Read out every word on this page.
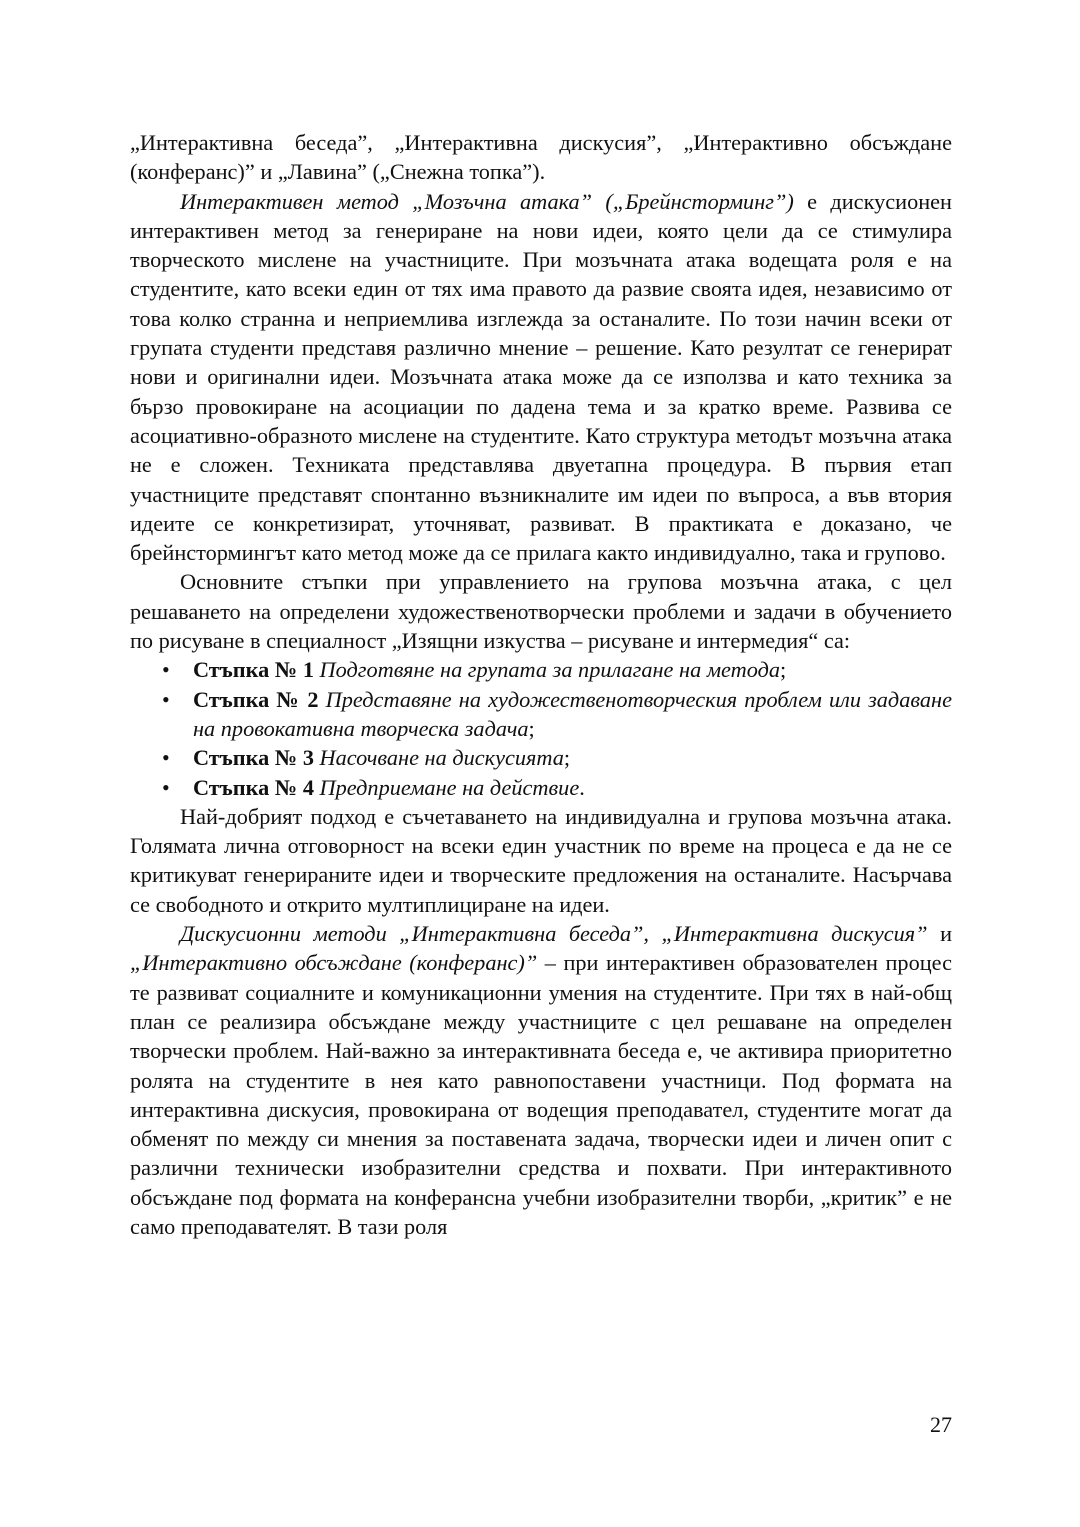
„Интерактивна беседа”, „Интерактивна дискусия”, „Интерактивно обсъждане (конферанс)” и „Лавина” („Снежна топка”).

Интерактивен метод „Мозъчна атака” („Брейнсторминг”) е дискусионен интерактивен метод за генериране на нови идеи, която цели да се стимулира творческото мислене на участниците. При мозъчната атака водещата роля е на студентите, като всеки един от тях има правото да развие своята идея, независимо от това колко странна и неприемлива изглежда за останалите. По този начин всеки от групата студенти представя различно мнение – решение. Като резултат се генерират нови и оригинални идеи. Мозъчната атака може да се използва и като техника за бързо провокиране на асоциации по дадена тема и за кратко време. Развива се асоциативно-образното мислене на студентите. Като структура методът мозъчна атака не е сложен. Техниката представлява двуетапна процедура. В първия етап участниците представят спонтанно възникналите им идеи по въпроса, а във втория идеите се конкретизират, уточняват, развиват. В практиката е доказано, че брейнстормингът като метод може да се прилага както индивидуално, така и групово.

Основните стъпки при управлението на групова мозъчна атака, с цел решаването на определени художественотворчески проблеми и задачи в обучението по рисуване в специалност „Изящни изкуства – рисуване и интермедия“ са:

• Стъпка № 1 Подготвяне на групата за прилагане на метода;
• Стъпка № 2 Представяне на художественотворческия проблем или задаване на провокативна творческа задача;
• Стъпка № 3 Насочване на дискусията;
• Стъпка № 4 Предприемане на действие.

Най-добрият подход е съчетаването на индивидуална и групова мозъчна атака. Голямата лична отговорност на всеки един участник по време на процеса е да не се критикуват генерираните идеи и творческите предложения на останалите. Насърчава се свободното и открито мултиплициране на идеи.

Дискусионни методи „Интерактивна беседа”, „Интерактивна дискусия” и „Интерактивно обсъждане (конферанс)” – при интерактивен образователен процес те развиват социалните и комуникационни умения на студентите. При тях в най-общ план се реализира обсъждане между участниците с цел решаване на определен творчески проблем. Най-важно за интерактивната беседа е, че активира приоритетно ролята на студентите в нея като равнопоставени участници. Под формата на интерактивна дискусия, провокирана от водещия преподавател, студентите могат да обменят по между си мнения за поставената задача, творчески идеи и личен опит с различни технически изобразителни средства и похвати. При интерактивното обсъждане под формата на конферансна учебни изобразителни творби, „критик” е не само преподавателят. В тази роля

27
